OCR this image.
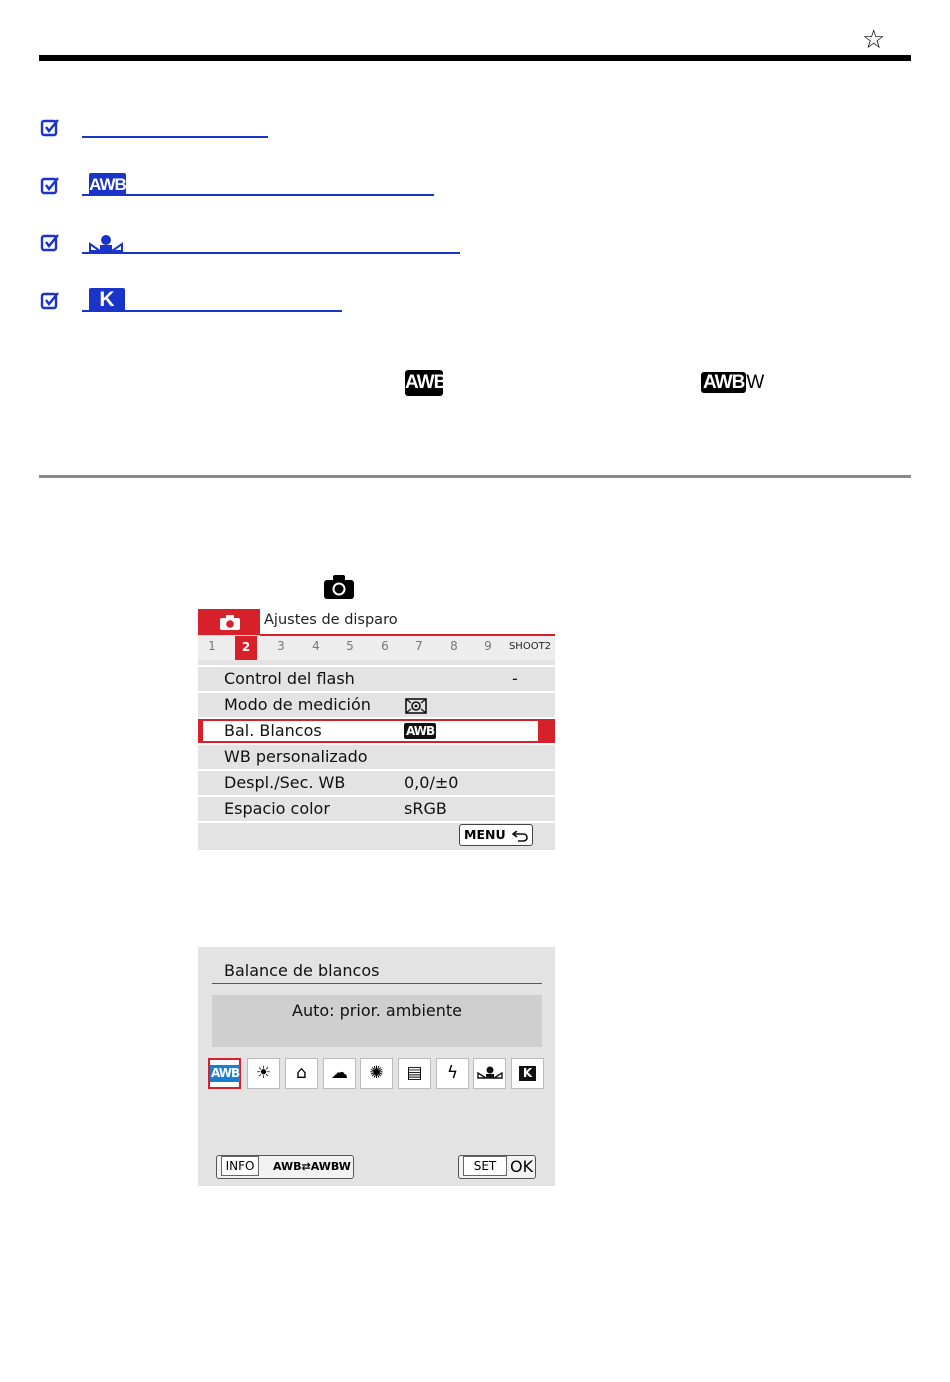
☆
AWB
K
AWB	AWB W
Ajustes de disparo
1	2	3	4	5	6	7	8	9	SHOOT2
Control del flash	-
Modo de medición
Bal. Blancos	AWB
WB personalizado
Despl./Sec. WB	0,0/±0
Espacio color	sRGB
MENU
Balance de blancos
Auto: prior. ambiente
AWB ☀	⌂	☁	✺	▤	ϟ	K
INFO	AWB⇄AWBW	SET OK
